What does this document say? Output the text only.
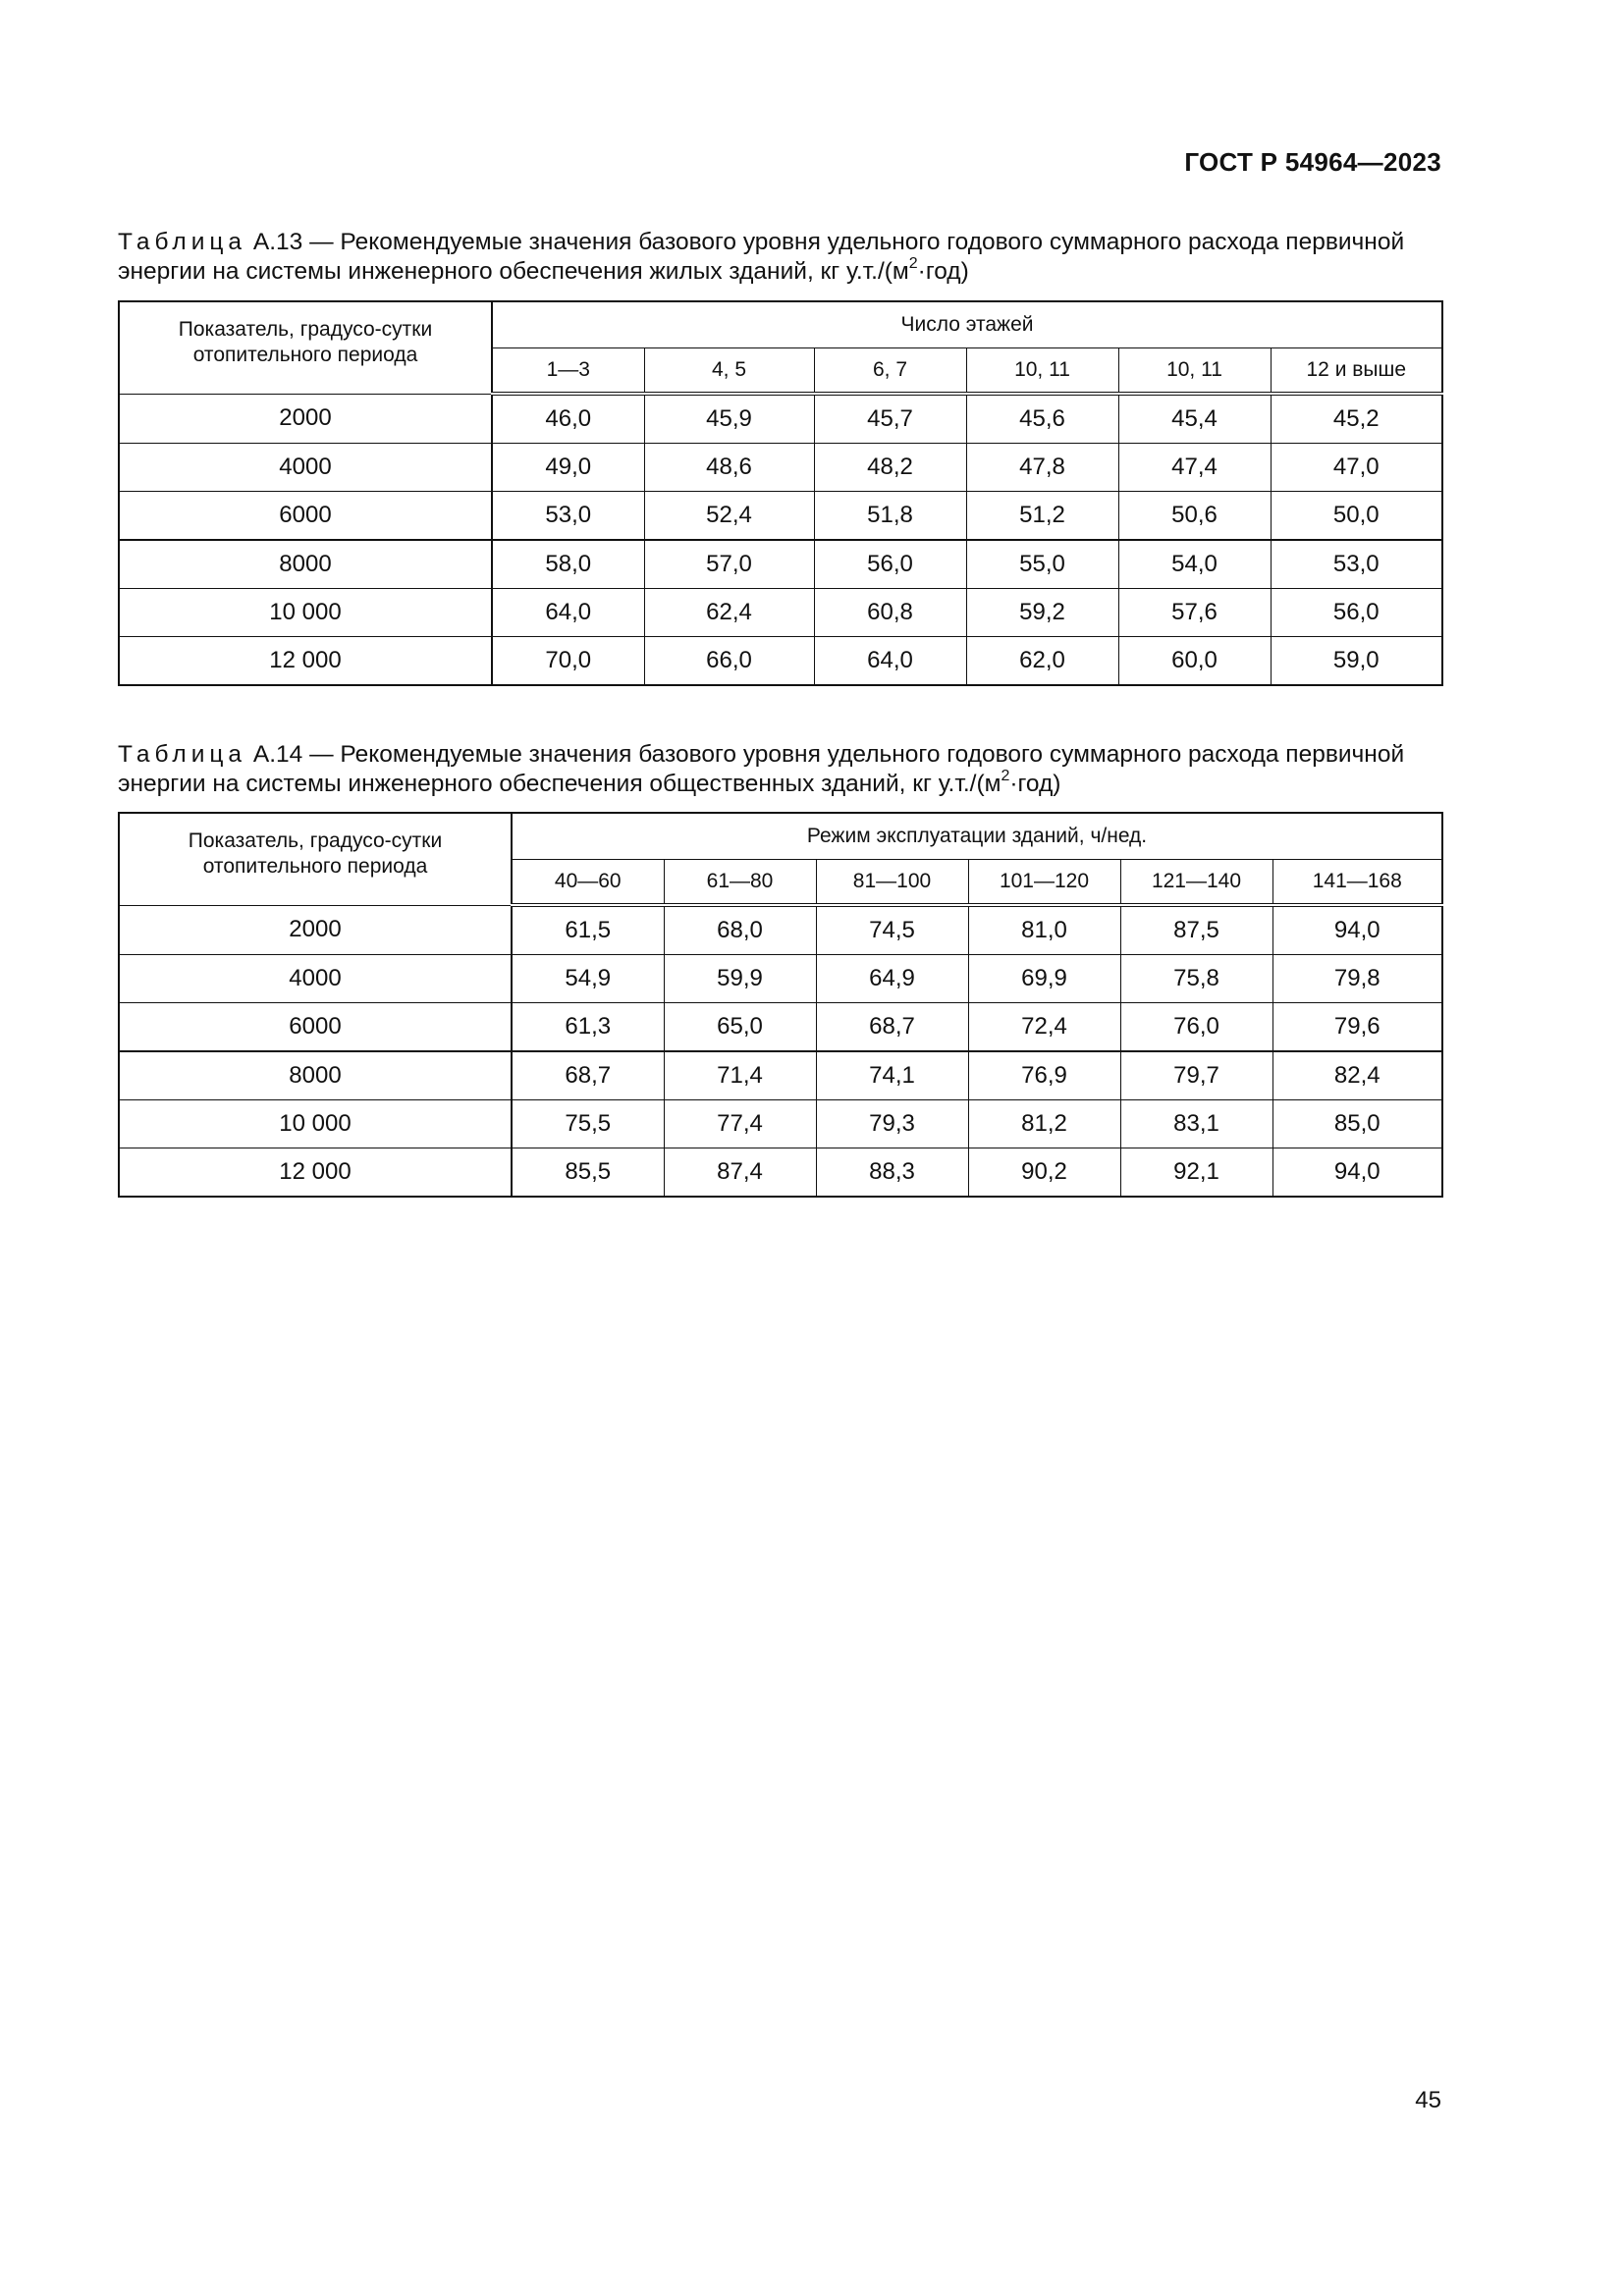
ГОСТ Р 54964—2023
Таблица А.13 — Рекомендуемые значения базового уровня удельного годового суммарного расхода первичной энергии на системы инженерного обеспечения жилых зданий, кг $у.т./(м^2\cdot год)$
Показатель, градусо-сутки отопительного периода	Число этажей					
	1—3	4, 5	6, 7	10, 11	10, 11	12 и выше
2000	46,0	45,9	45,7	45,6	45,4	45,2
4000	49,0	48,6	48,2	47,8	47,4	47,0
6000	53,0	52,4	51,8	51,2	50,6	50,0
8000	58,0	57,0	56,0	55,0	54,0	53,0
10 000	64,0	62,4	60,8	59,2	57,6	56,0
12 000	70,0	66,0	64,0	62,0	60,0	59,0
Таблица А.14 — Рекомендуемые значения базового уровня удельного годового суммарного расхода первичной энергии на системы инженерного обеспечения общественных зданий, кг $у.т./(м^2\cdot год)$
Показатель, градусо-сутки отопительного периода	Режим эксплуатации зданий, ч/нед.					
	40—60	61—80	81—100	101—120	121—140	141—168
2000	61,5	68,0	74,5	81,0	87,5	94,0
4000	54,9	59,9	64,9	69,9	75,8	79,8
6000	61,3	65,0	68,7	72,4	76,0	79,6
8000	68,7	71,4	74,1	76,9	79,7	82,4
10 000	75,5	77,4	79,3	81,2	83,1	85,0
12 000	85,5	87,4	88,3	90,2	92,1	94,0
45
